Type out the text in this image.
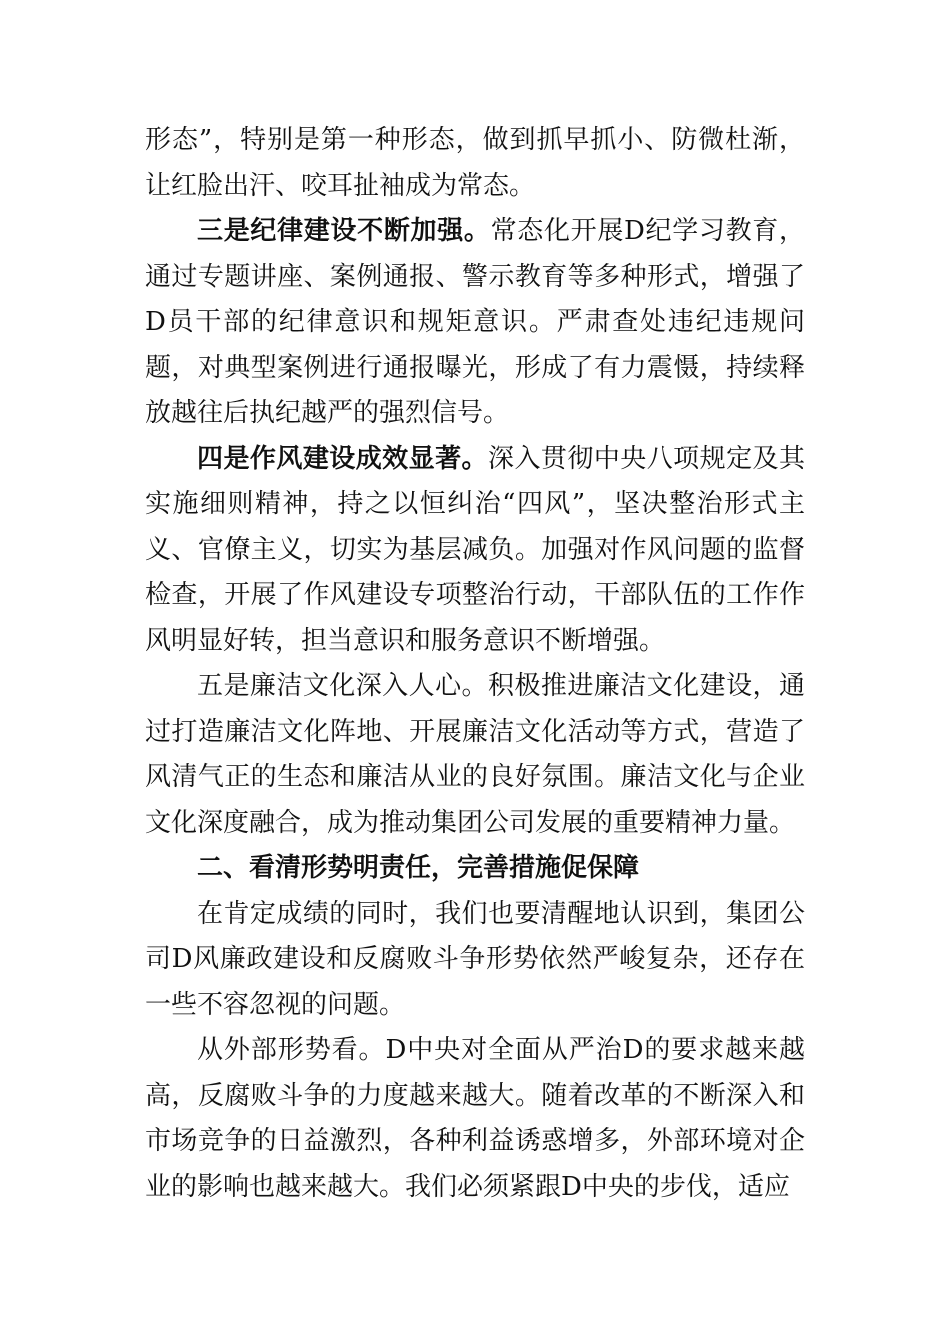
形态”，特别是第一种形态，做到抓早抓小、防微杜渐，让红脸出汗、咬耳扯袖成为常态。

三是纪律建设不断加强。常态化开展D纪学习教育，通过专题讲座、案例通报、警示教育等多种形式，增强了D员干部的纪律意识和规矩意识。严肃查处违纪违规问题，对典型案例进行通报曝光，形成了有力震慑，持续释放越往后执纪越严的强烈信号。

四是作风建设成效显著。深入贯彻中央八项规定及其实施细则精神，持之以恒纠治“四风”，坚决整治形式主义、官僚主义，切实为基层减负。加强对作风问题的监督检查，开展了作风建设专项整治行动，干部队伍的工作作风明显好转，担当意识和服务意识不断增强。

五是廉洁文化深入人心。积极推进廉洁文化建设，通过打造廉洁文化阵地、开展廉洁文化活动等方式，营造了风清气正的生态和廉洁从业的良好氛围。廉洁文化与企业文化深度融合，成为推动集团公司发展的重要精神力量。

二、看清形势明责任，完善措施促保障

在肯定成绩的同时，我们也要清醒地认识到，集团公司D风廉政建设和反腐败斗争形势依然严峻复杂，还存在一些不容忽视的问题。

从外部形势看。D中央对全面从严治D的要求越来越高，反腐败斗争的力度越来越大。随着改革的不断深入和市场竞争的日益激烈，各种利益诱惑增多，外部环境对企业的影响也越来越大。我们必须紧跟D中央的步伐，适应
